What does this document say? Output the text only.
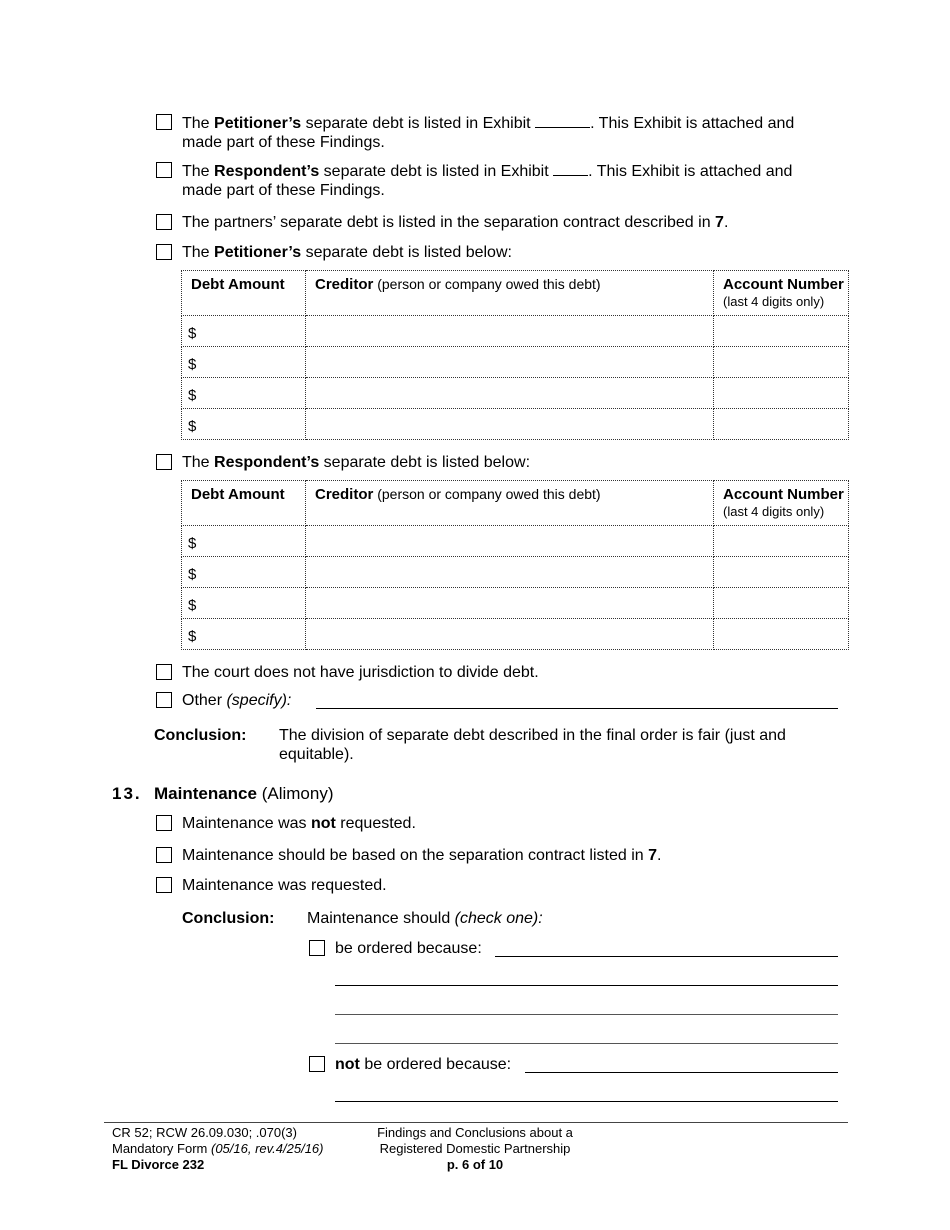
The Petitioner’s separate debt is listed in Exhibit	. This Exhibit is attached and
made part of these Findings.
The Respondent’s separate debt is listed in Exhibit . This Exhibit is attached and
made part of these Findings.
The partners’ separate debt is listed in the separation contract described in 7.
The Petitioner’s separate debt is listed below:
Debt Amount	Creditor (person or company owed this debt)	Account Number
(last 4 digits only)

$		

$		

$		

$		

The Respondent’s separate debt is listed below:
Debt Amount	Creditor (person or company owed this debt)	Account Number
(last 4 digits only)

$		

$		

$		

$		

The court does not have jurisdiction to divide debt.
Other (specify):
Conclusion: The division of separate debt described in the final order is fair (just and
equitable).
13. Maintenance (Alimony)
Maintenance was not requested.
Maintenance should be based on the separation contract listed in 7.
Maintenance was requested.
Conclusion: Maintenance should (check one):
be ordered because:
not be ordered because:
CR 52; RCW 26.09.030; .070(3)
Mandatory Form (05/16, rev.4/25/16)
FL Divorce 232
Findings and Conclusions about a
Registered Domestic Partnership
p. 6 of 10
